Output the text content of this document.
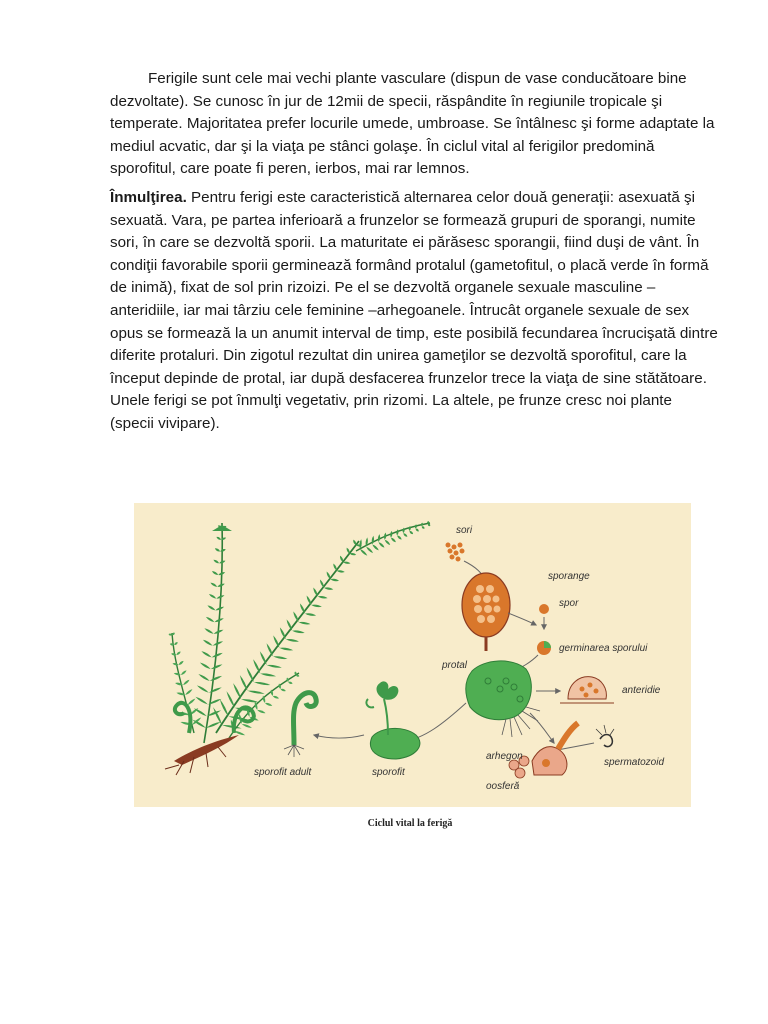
Ferigile sunt cele mai vechi plante vasculare (dispun de vase conducătoare bine dezvoltate). Se cunosc în jur de 12mii de specii, răspândite în regiunile tropicale şi temperate. Majoritatea prefer locurile umede, umbroase. Se întâlnesc şi forme adaptate la mediul acvatic, dar şi la viaţa pe stânci golaşe. În ciclul vital al ferigilor predomină sporofitul, care poate fi peren, ierbos, mai rar lemnos.

Înmulţirea. Pentru ferigi este caracteristică alternarea celor două generaţii: asexuată şi sexuată. Vara, pe partea inferioară a frunzelor se formează grupuri de sporangi, numite sori, în care se dezvoltă sporii. La maturitate ei părăsesc sporangii, fiind duşi de vânt. În condiţii favorabile sporii germinează formând protalul (gametofitul, o placă verde în formă de inimă), fixat de sol prin rizoizi. Pe el se dezvoltă organele sexuale masculine – anteridiile, iar mai târziu cele feminine –arhegoanele. Întrucât organele sexuale de sex opus se formează la un anumit interval de timp, este posibilă fecundarea încrucişată dintre diferite protaluri. Din zigotul rezultat din unirea gameţilor se dezvoltă sporofitul, care la început depinde de protal, iar după desfacerea frunzelor trece la viaţa de sine stătătoare. Unele ferigi se pot înmulţi vegetativ, prin rizomi. La altele, pe frunze cresc noi plante (specii vivipare).

sori
sporange
spor
germinarea sporului
protal
anteridie
spermatozoid
arhegon
oosferă
sporofit
sporofit adult
Ciclul vital la ferigă
